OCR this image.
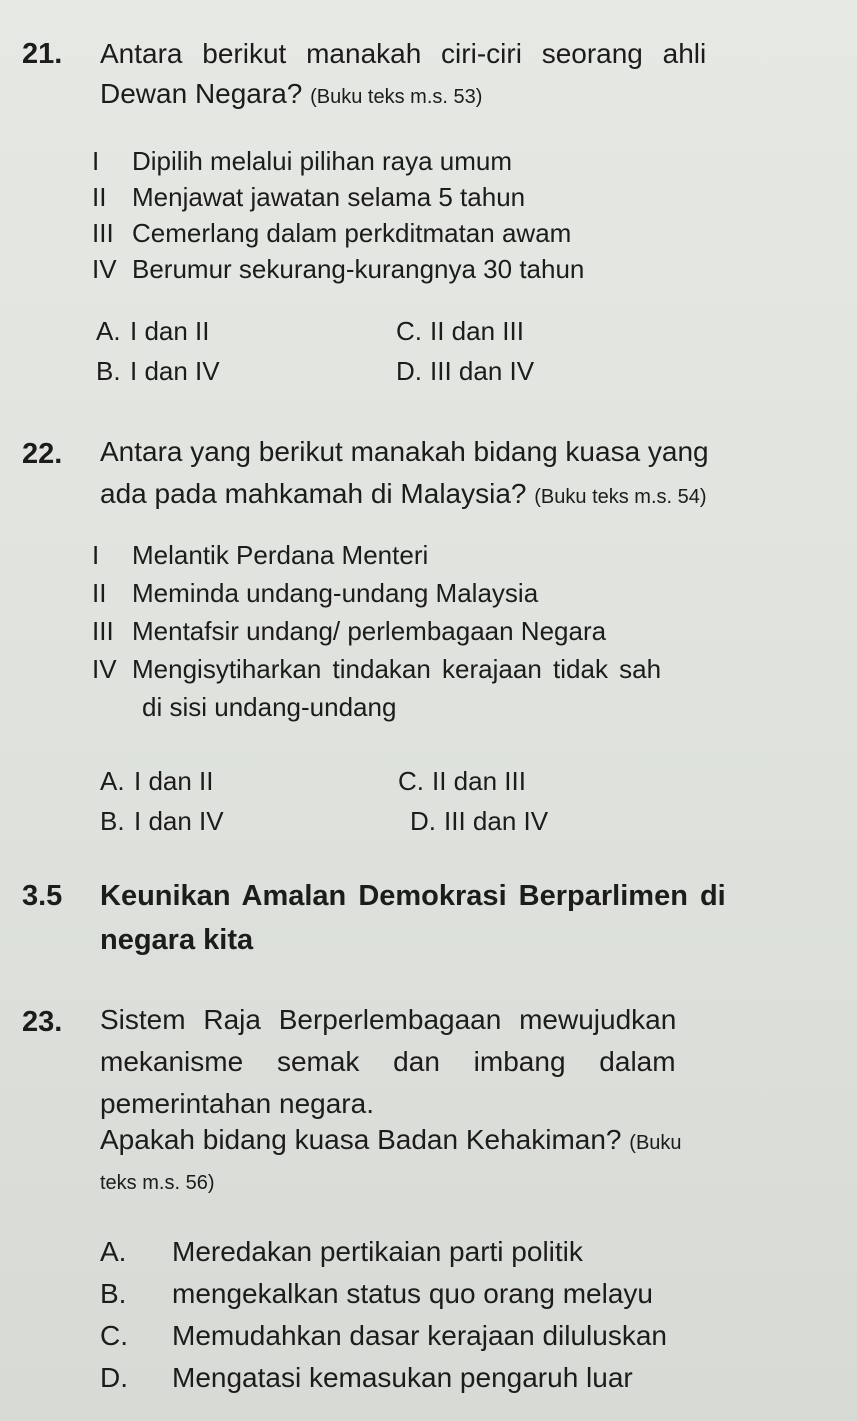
21. Antara berikut manakah ciri-ciri seorang ahli
Dewan Negara? (Buku teks m.s. 53)
I Dipilih melalui pilihan raya umum
II Menjawat jawatan selama 5 tahun
III Cemerlang dalam perkditmatan awam
IV Berumur sekurang-kurangnya 30 tahun
A. I dan II	C. II dan III
B. I dan IV	D. III dan IV
22. Antara yang berikut manakah bidang kuasa yang
ada pada mahkamah di Malaysia? (Buku teks m.s. 54)
I Melantik Perdana Menteri
II Meminda undang-undang Malaysia
III Mentafsir undang/ perlembagaan Negara
IV Mengisytiharkan tindakan kerajaan tidak sah
di sisi undang-undang
A. I dan II	C. II dan III
B. I dan IV	D. III dan IV
3.5 Keunikan Amalan Demokrasi Berparlimen di
negara kita
23. Sistem Raja Berperlembagaan mewujudkan
mekanisme semak dan imbang dalam
pemerintahan negara.
Apakah bidang kuasa Badan Kehakiman? (Buku
teks m.s. 56)
A. Meredakan pertikaian parti politik
B. mengekalkan status quo orang melayu
C. Memudahkan dasar kerajaan diluluskan
D. Mengatasi kemasukan pengaruh luar
